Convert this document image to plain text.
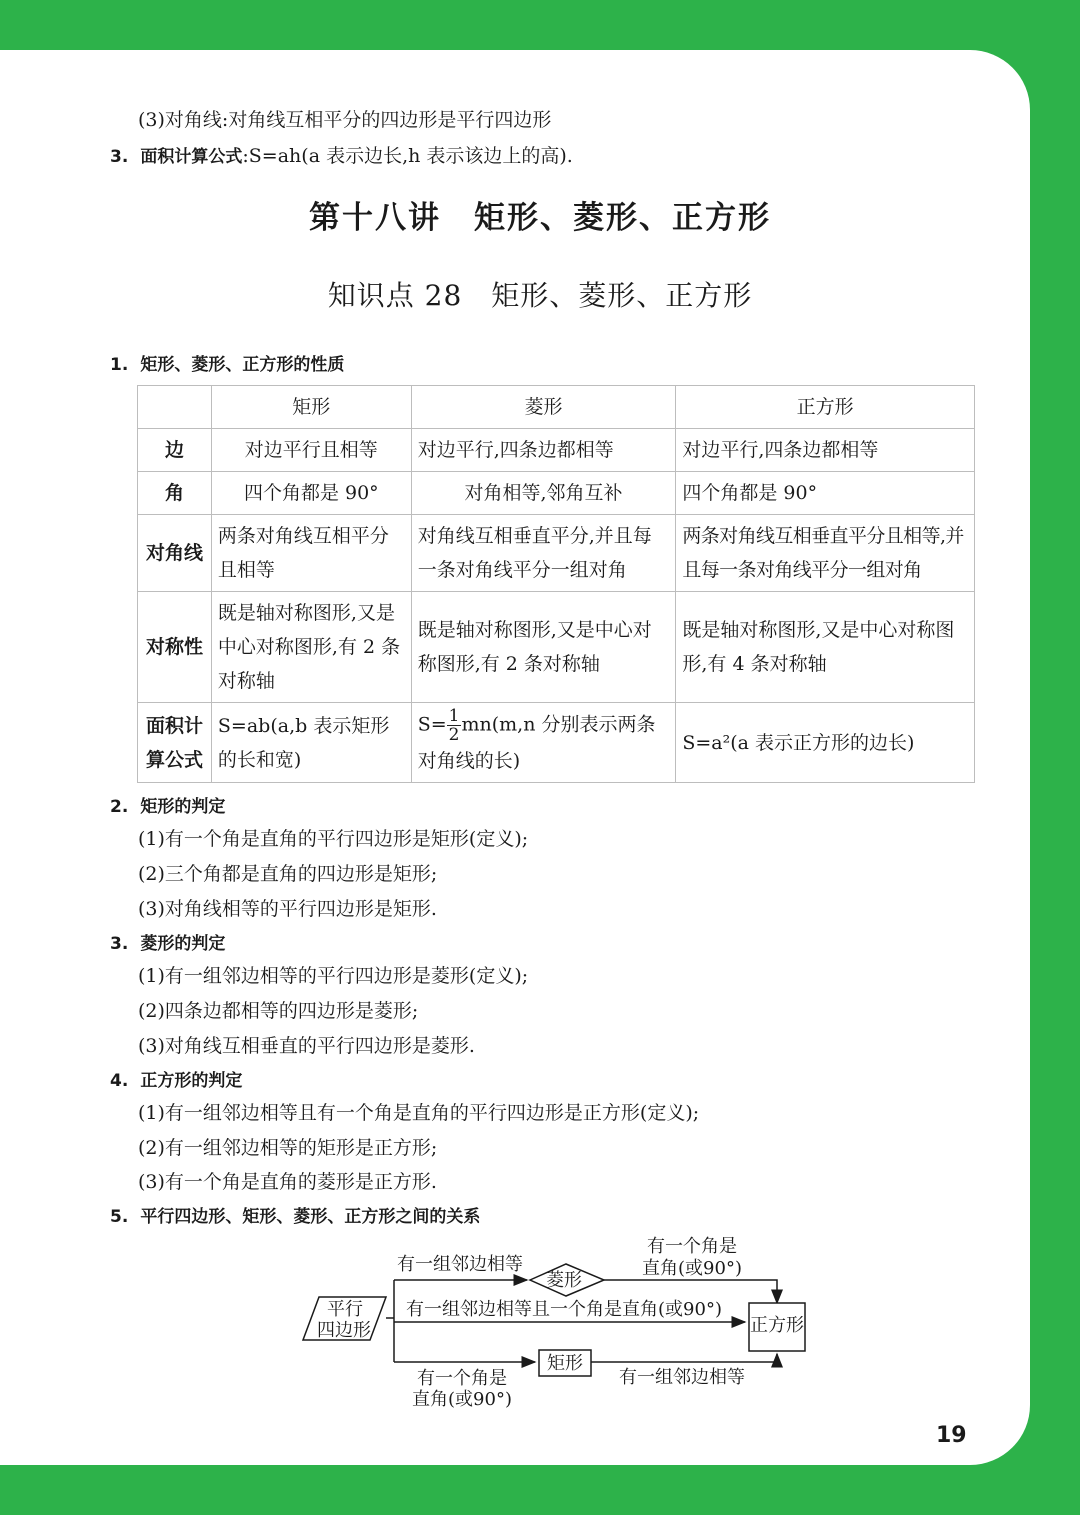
(3)对角线:对角线互相平分的四边形是平行四边形
3. 面积计算公式:S=ah(a 表示边长,h 表示该边上的高).
第十八讲　矩形、菱形、正方形
知识点 28　矩形、菱形、正方形
1. 矩形、菱形、正方形的性质
	矩形	菱形	正方形
边	对边平行且相等	对边平行,四条边都相等	对边平行,四条边都相等
角	四个角都是 90°	对角相等,邻角互补	四个角都是 90°
对角线	两条对角线互相平分且相等	对角线互相垂直平分,并且每一条对角线平分一组对角	两条对角线互相垂直平分且相等,并且每一条对角线平分一组对角
对称性	既是轴对称图形,又是中心对称图形,有 2 条对称轴	既是轴对称图形,又是中心对称图形,有 2 条对称轴	既是轴对称图形,又是中心对称图形,有 4 条对称轴
面积计算公式	S=ab(a,b 表示矩形的长和宽)	$S= \frac{1}{2} mn(m,n$ 分别表示两条对角线的长)	S=a²(a 表示正方形的边长)
2. 矩形的判定
(1)有一个角是直角的平行四边形是矩形(定义);
(2)三个角都是直角的四边形是矩形;
(3)对角线相等的平行四边形是矩形.
3. 菱形的判定
(1)有一组邻边相等的平行四边形是菱形(定义);
(2)四条边都相等的四边形是菱形;
(3)对角线互相垂直的平行四边形是菱形.
4. 正方形的判定
(1)有一组邻边相等且有一个角是直角的平行四边形是正方形(定义);
(2)有一组邻边相等的矩形是正方形;
(3)有一个角是直角的菱形是正方形.
5. 平行四边形、矩形、菱形、正方形之间的关系
平行
四边形
菱形
有一组邻边相等
有一个角是
直角(或90°)
有一组邻边相等且一个角是直角(或90°)
正方形
矩形
有一个角是
直角(或90°)
有一组邻边相等
19
